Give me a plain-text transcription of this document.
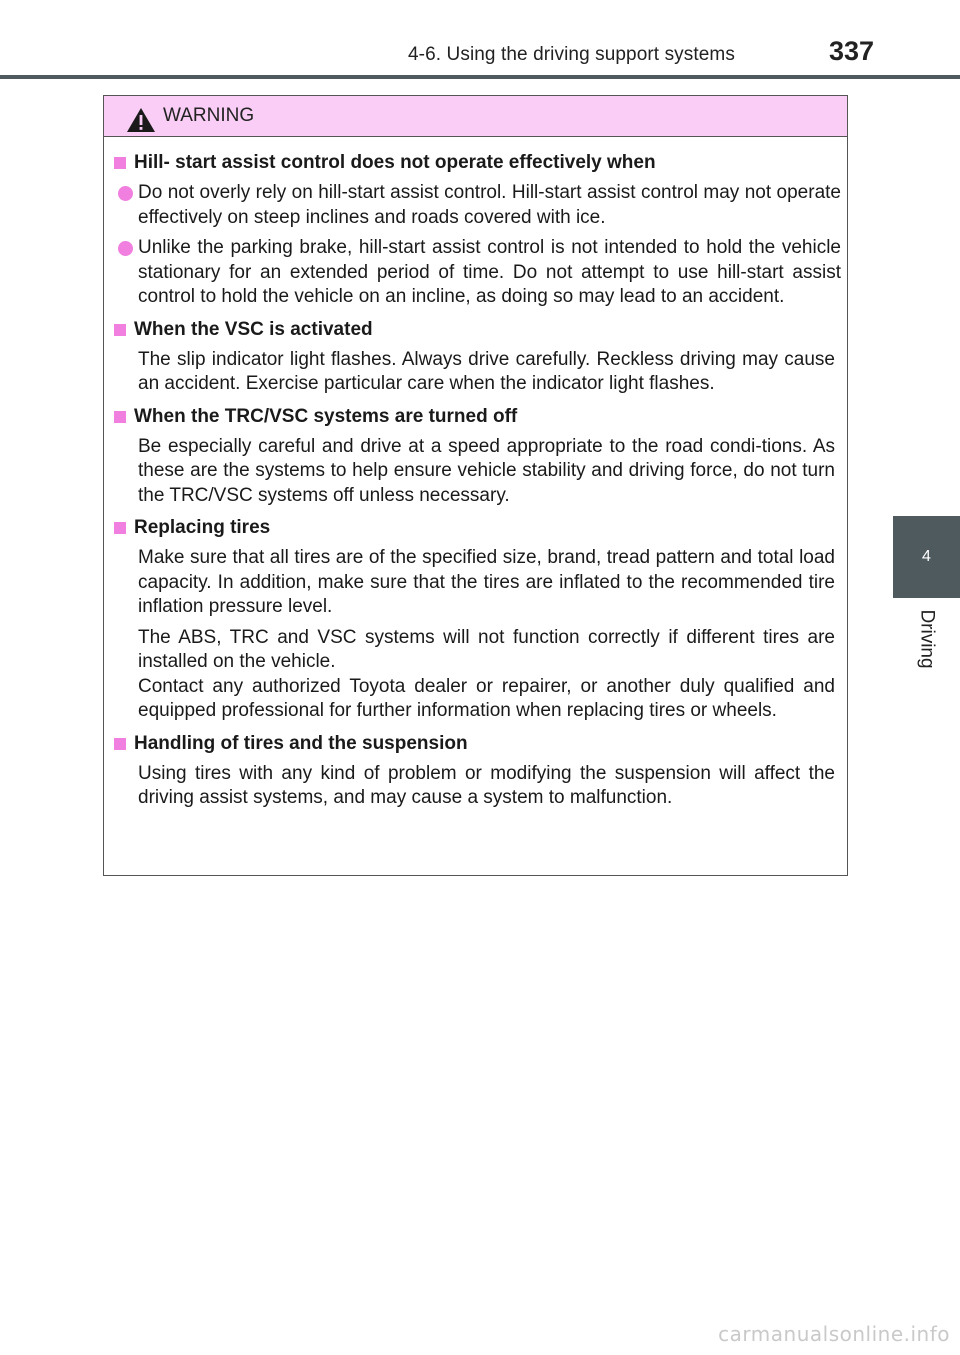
4-6. Using the driving support systems	337
4
Driving
WARNING
Hill- start assist control does not operate effectively when
Do not overly rely on hill-start assist control. Hill-start assist control may not operate effectively on steep inclines and roads covered with ice.
Unlike the parking brake, hill-start assist control is not intended to hold the vehicle stationary for an extended period of time. Do not attempt to use hill-start assist control to hold the vehicle on an incline, as doing so may lead to an accident.
When the VSC is activated
The slip indicator light flashes. Always drive carefully. Reckless driving may cause an accident. Exercise particular care when the indicator light flashes.
When the TRC/VSC systems are turned off
Be especially careful and drive at a speed appropriate to the road condi-tions. As these are the systems to help ensure vehicle stability and driving force, do not turn the TRC/VSC systems off unless necessary.
Replacing tires
Make sure that all tires are of the specified size, brand, tread pattern and total load capacity. In addition, make sure that the tires are inflated to the recommended tire inflation pressure level.
The ABS, TRC and VSC systems will not function correctly if different tires are installed on the vehicle.
Contact any authorized Toyota dealer or repairer, or another duly qualified and equipped professional for further information when replacing tires or wheels.
Handling of tires and the suspension
Using tires with any kind of problem or modifying the suspension will affect the driving assist systems, and may cause a system to malfunction.
carmanualsonline.info
